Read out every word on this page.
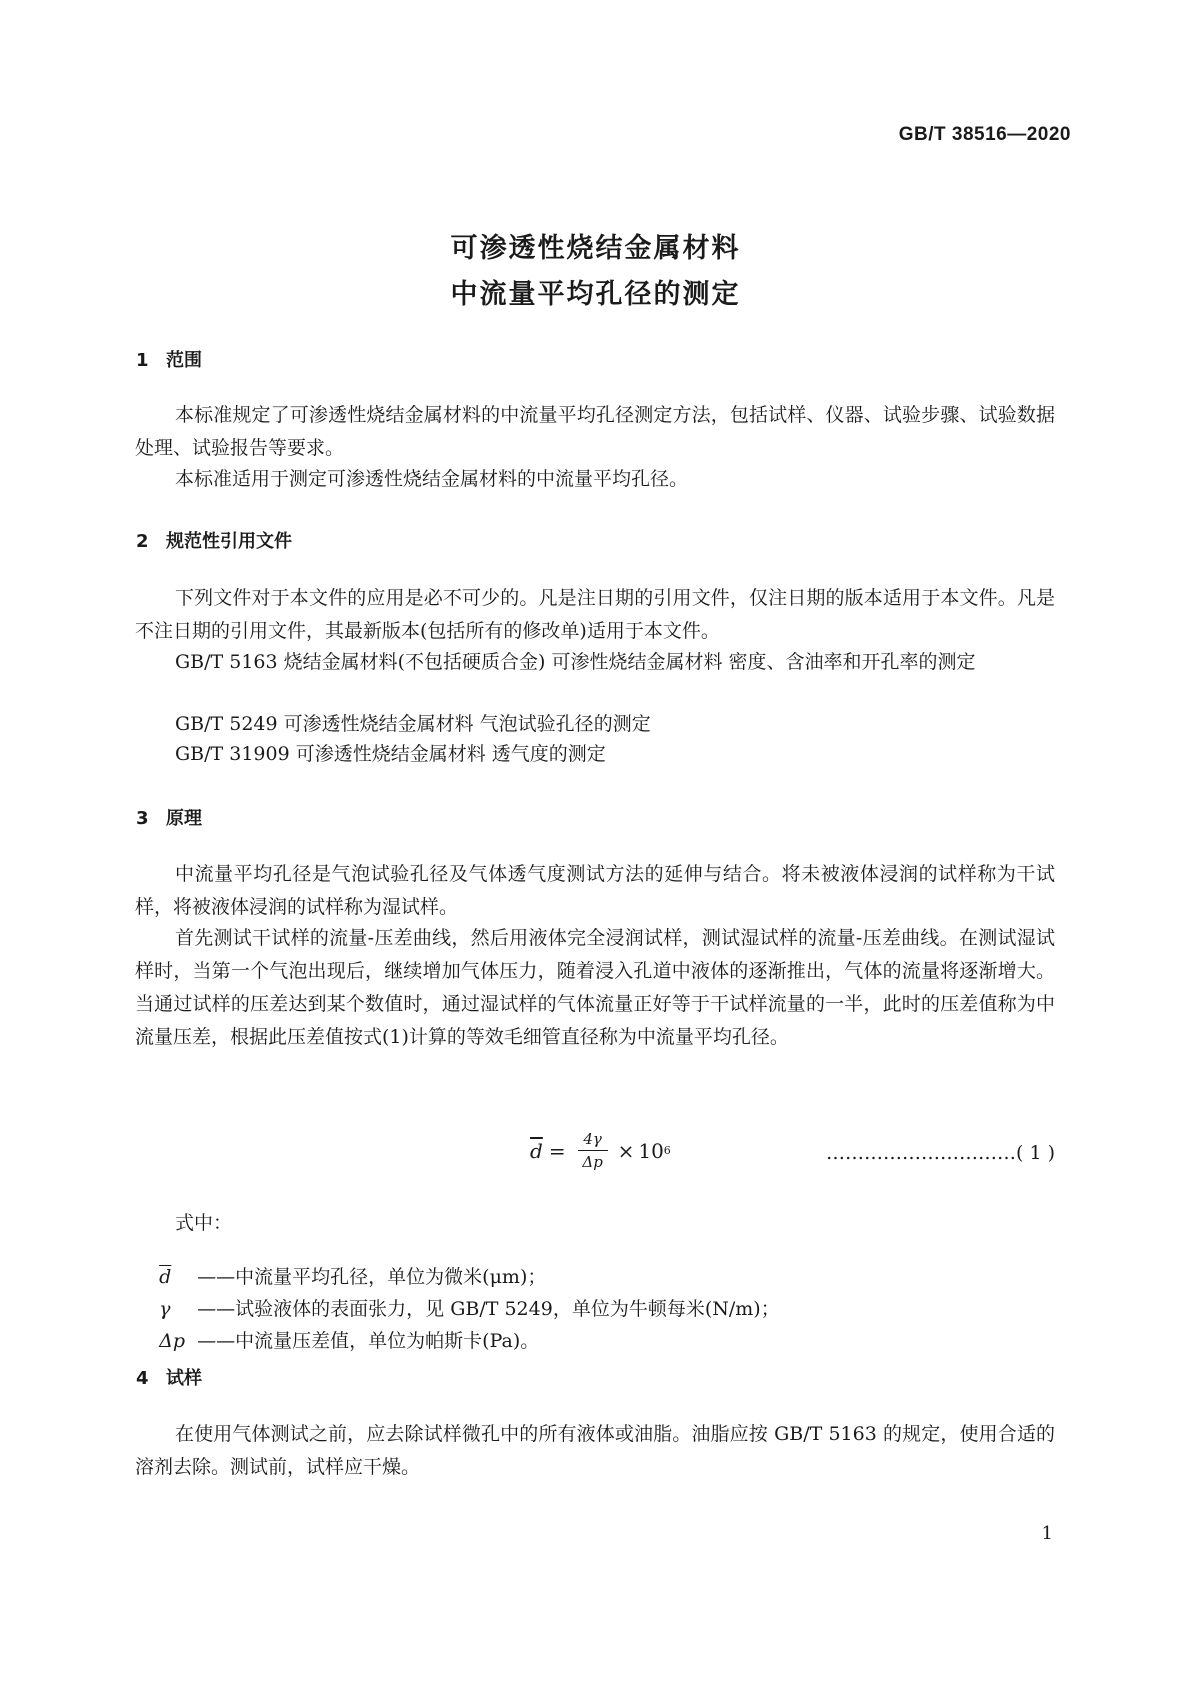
GB/T 38516—2020
可渗透性烧结金属材料
中流量平均孔径的测定
1 范围
本标准规定了可渗透性烧结金属材料的中流量平均孔径测定方法，包括试样、仪器、试验步骤、试验数据处理、试验报告等要求。
本标准适用于测定可渗透性烧结金属材料的中流量平均孔径。
2 规范性引用文件
下列文件对于本文件的应用是必不可少的。凡是注日期的引用文件，仅注日期的版本适用于本文件。凡是不注日期的引用文件，其最新版本(包括所有的修改单)适用于本文件。
GB/T 5163 烧结金属材料(不包括硬质合金) 可渗性烧结金属材料 密度、含油率和开孔率的测定
GB/T 5249 可渗透性烧结金属材料 气泡试验孔径的测定
GB/T 31909 可渗透性烧结金属材料 透气度的测定
3 原理
中流量平均孔径是气泡试验孔径及气体透气度测试方法的延伸与结合。将未被液体浸润的试样称为干试样，将被液体浸润的试样称为湿试样。
首先测试干试样的流量-压差曲线，然后用液体完全浸润试样，测试湿试样的流量-压差曲线。在测试湿试样时，当第一个气泡出现后，继续增加气体压力，随着浸入孔道中液体的逐渐推出，气体的流量将逐渐增大。当通过试样的压差达到某个数值时，通过湿试样的气体流量正好等于干试样流量的一半，此时的压差值称为中流量压差，根据此压差值按式(1)计算的等效毛细管直径称为中流量平均孔径。
$\overline{d} = \frac{4\gamma}{\Delta p} \times 10$ 6	…………………………( 1 )
式中：

$\overline{d}$ ——中流量平均孔径，单位为微米(μm)；

γ ——试验液体的表面张力，见 GB/T 5249，单位为牛顿每米(N/m)；

Δp ——中流量压差值，单位为帕斯卡(Pa)。

4 试样
在使用气体测试之前，应去除试样微孔中的所有液体或油脂。油脂应按 GB/T 5163 的规定，使用合适的溶剂去除。测试前，试样应干燥。
1
